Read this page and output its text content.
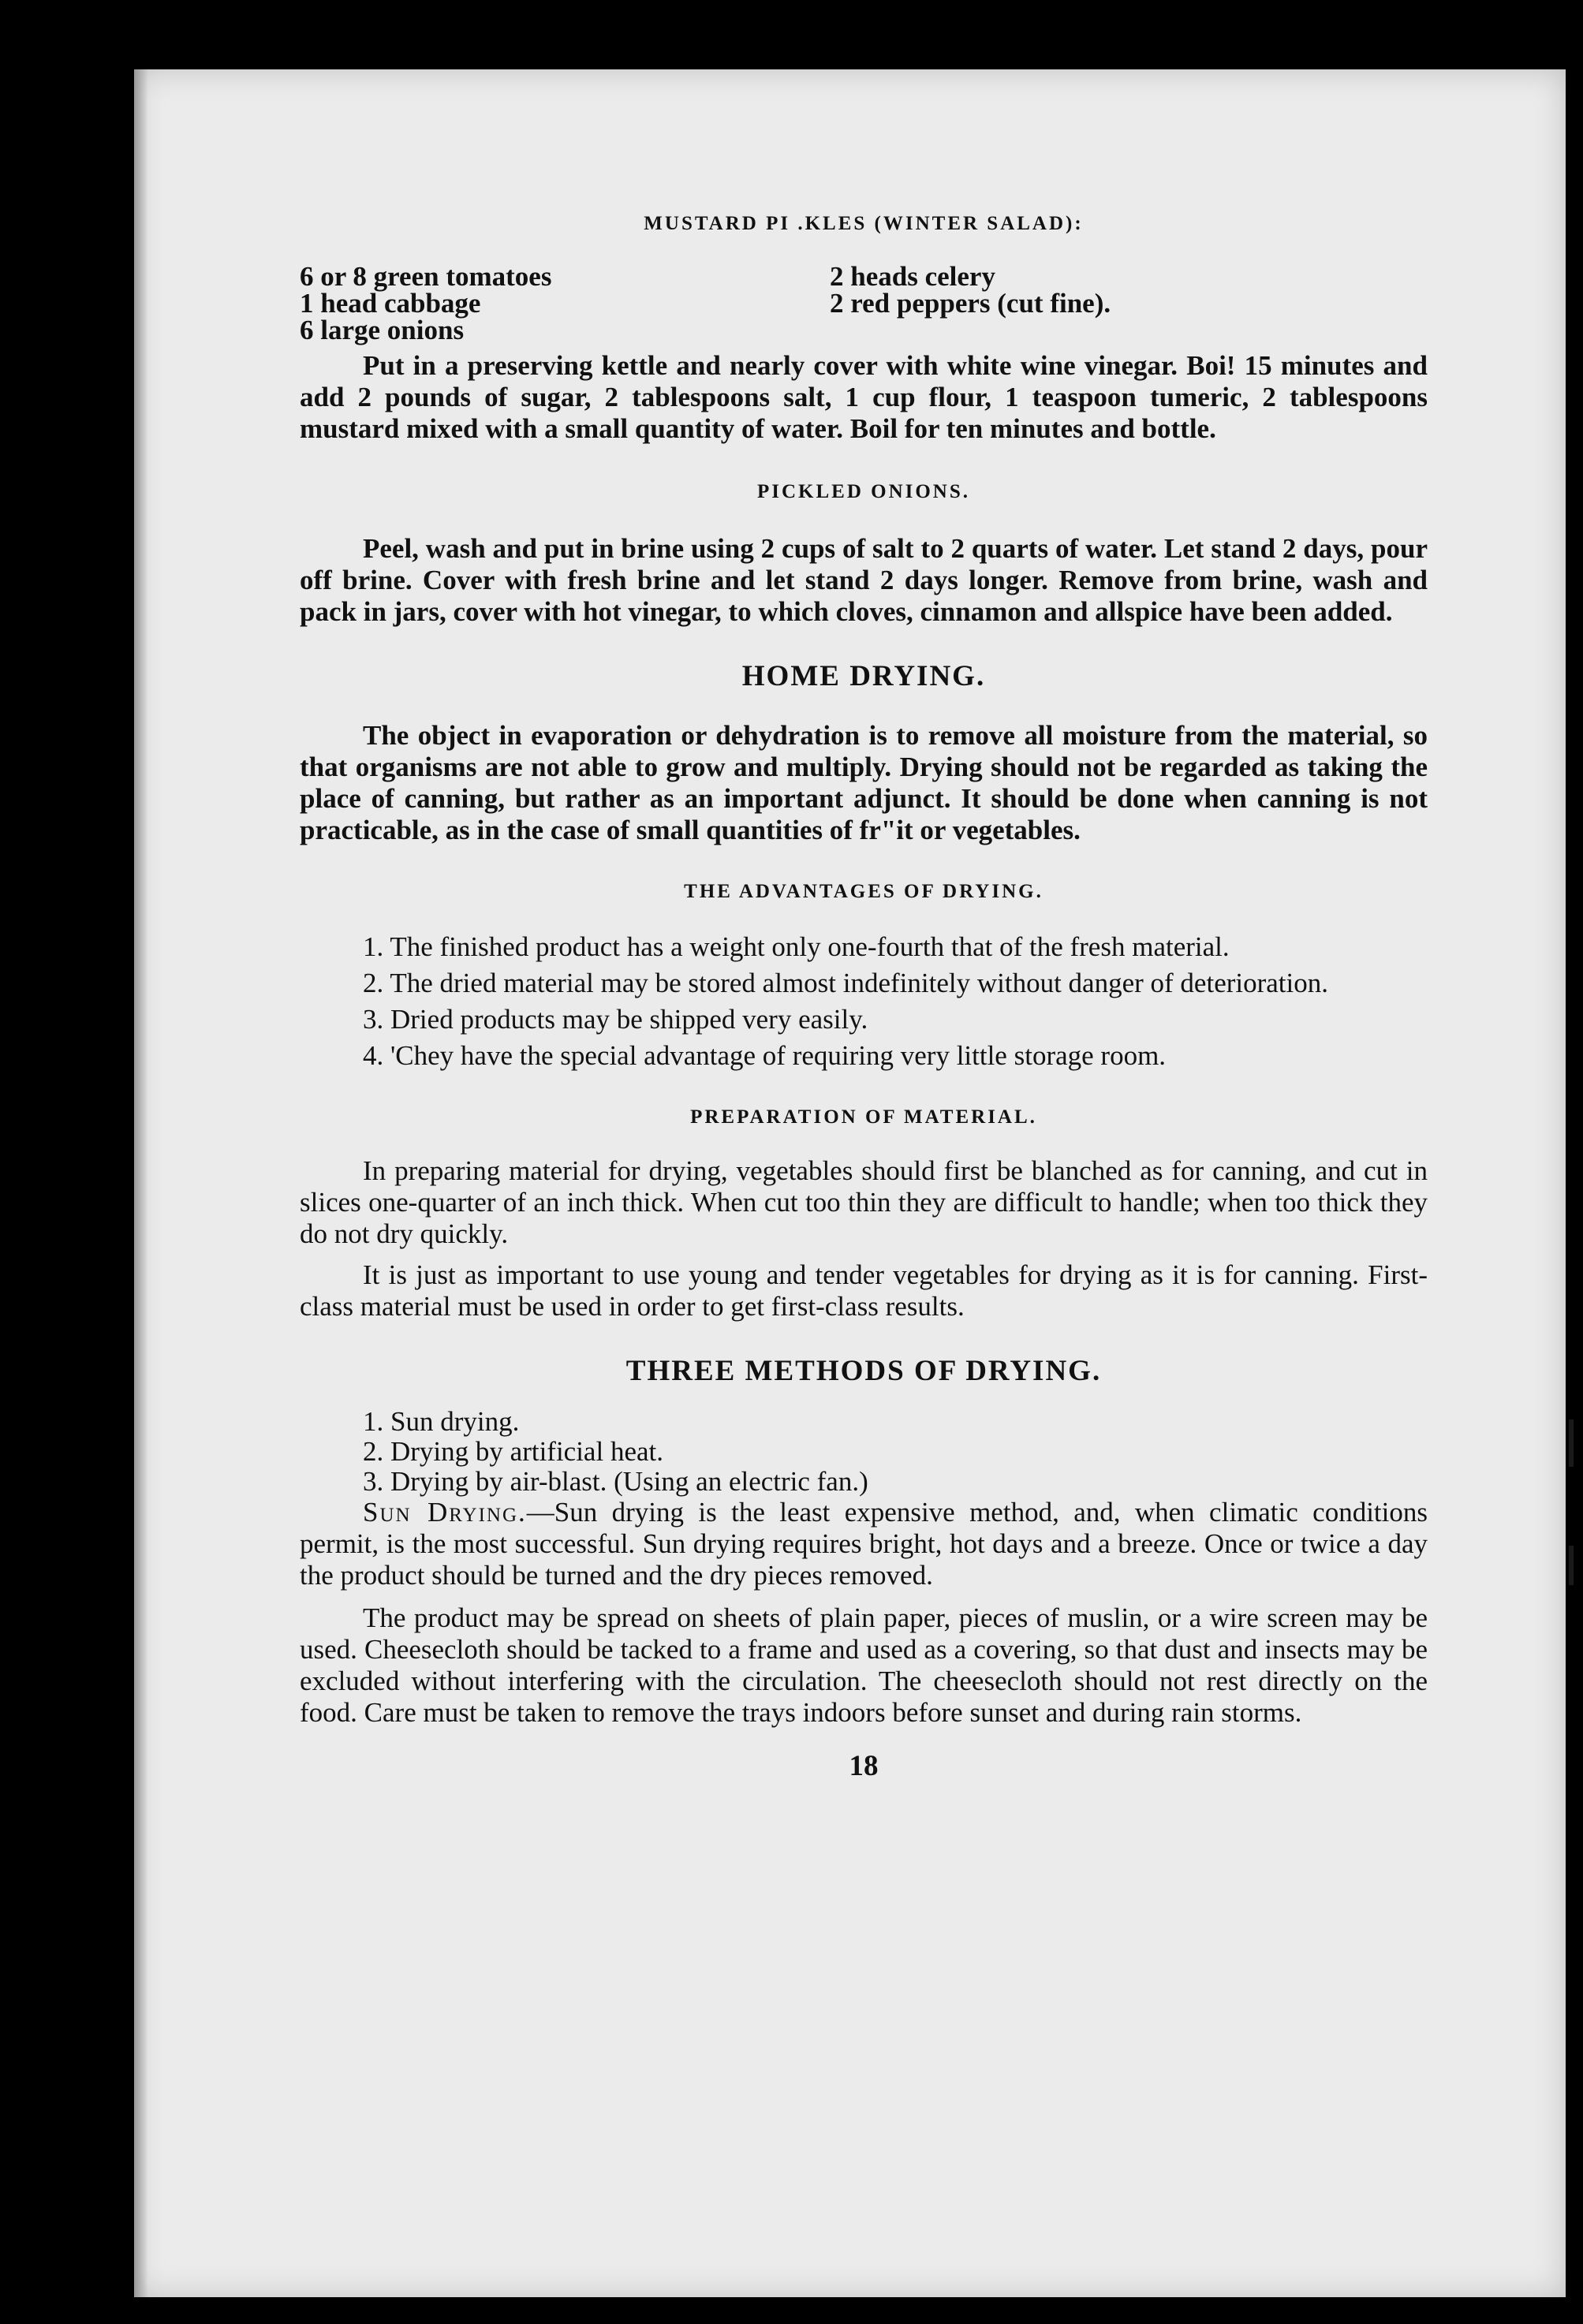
MUSTARD PI .KLES (WINTER SALAD):
6 or 8 green tomatoes
1 head cabbage
6 large onions
2 heads celery
2 red peppers (cut fine).

Put in a preserving kettle and nearly cover with white wine vinegar. Boi! 15 minutes and add 2 pounds of sugar, 2 tablespoons salt, 1 cup flour, 1 teaspoon tumeric, 2 tablespoons mustard mixed with a small quantity of water. Boil for ten minutes and bottle.

PICKLED ONIONS.

Peel, wash and put in brine using 2 cups of salt to 2 quarts of water. Let stand 2 days, pour off brine. Cover with fresh brine and let stand 2 days longer. Remove from brine, wash and pack in jars, cover with hot vinegar, to which cloves, cinnamon and allspice have been added.

HOME DRYING.

The object in evaporation or dehydration is to remove all moisture from the material, so that organisms are not able to grow and multiply. Drying should not be regarded as taking the place of canning, but rather as an important adjunct. It should be done when canning is not practicable, as in the case of small quantities of fr"it or vegetables.

THE ADVANTAGES OF DRYING.

1. The finished product has a weight only one-fourth that of the fresh material.

2. The dried material may be stored almost indefinitely without danger of deterioration.

3. Dried products may be shipped very easily.

4. 'Chey have the special advantage of requiring very little storage room.

PREPARATION OF MATERIAL.

In preparing material for drying, vegetables should first be blanched as for canning, and cut in slices one-quarter of an inch thick. When cut too thin they are difficult to handle; when too thick they do not dry quickly.

It is just as important to use young and tender vegetables for drying as it is for canning. First-class material must be used in order to get first-class results.

THREE METHODS OF DRYING.
1. Sun drying.
2. Drying by artificial heat.
3. Drying by air-blast. (Using an electric fan.)

Sun Drying.—Sun drying is the least expensive method, and, when climatic conditions permit, is the most successful. Sun drying requires bright, hot days and a breeze. Once or twice a day the product should be turned and the dry pieces removed.

The product may be spread on sheets of plain paper, pieces of muslin, or a wire screen may be used. Cheesecloth should be tacked to a frame and used as a covering, so that dust and insects may be excluded without interfering with the circulation. The cheesecloth should not rest directly on the food. Care must be taken to remove the trays indoors before sunset and during rain storms.

18
